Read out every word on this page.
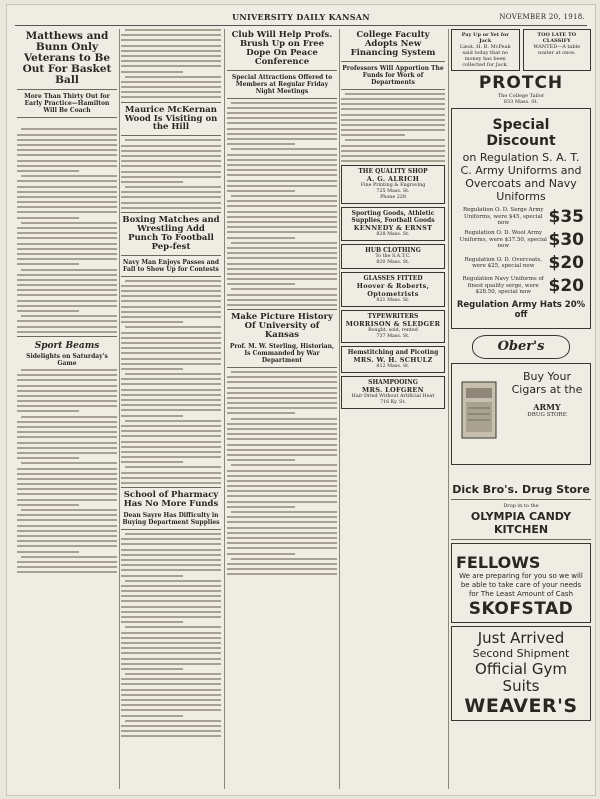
UNIVERSITY DAILY KANSAN	NOVEMBER 20, 1918.
Matthews and Bunn Only Veterans to Be Out For Basket Ball
More Than Thirty Out for Early Practice—Hamilton Will Be Coach

Sport Beams
Sidelights on Saturday's Game
Maurice McKernan Wood Is Visiting on the Hill
Boxing Matches and Wrestling Add Punch To Football Pep-fest
Navy Man Enjoys Passes and Fall to Show Up for Contests
School of Pharmacy Has No More Funds
Dean Sayre Has Difficulty in Buying Department Supplies
Club Will Help Profs. Brush Up on Free Dope On Peace Conference
Special Attractions Offered to Members at Regular Friday Night Meetings
Make Picture History Of University of Kansas
Prof. M. W. Sterling, Historian, Is Commanded by War Department
College Faculty Adopts New Financing System
Professors Will Apportion The Funds for Work of Departments
THE QUALITY SHOP
A. G. ALRICH
Fine Printing & Engraving
725 Mass. St.
Phone 228
Sporting Goods, Athletic Supplies, Football Goods
KENNEDY & ERNST
828 Mass. St.
HUB CLOTHING
To the S.A.T.C.
820 Mass. St.
GLASSES FITTED
Hoover & Roberts, Optometrists
821 Mass. St.
TYPEWRITERS
MORRISON & SLEDGER
Bought, sold, rented
737 Mass. St.
Hemstitching and Picoting
MRS. W. H. SCHULZ
812 Mass. St.
SHAMPOOING
MRS. LOFGREN
Hair Dried Without Artificial Heat
716 Ky. St.
Pay Up or Yet for Jack
Lieut. H. B. McPeak said today that no money has been collected for Jack.
TOO LATE TO CLASSIFY
WANTED—A table waiter at once.
PROTCH
The College Tailor
833 Mass. St.
Special Discount
on Regulation S. A. T. C. Army Uniforms and Overcoats and Navy Uniforms
Regulation O. D. Serge Army Uniforms, were $45, special now	$35
Regulation O. D. Wool Army Uniforms, were $37.50, special now	$30
Regulation O. D. Overcoats, were $25, special now $20
Regulation Navy Uniforms of finest quality serge, were $28.50, special now	$20
Regulation Army Hats 20% off
Ober's
Buy Your Cigars at the
ARMY
DRUG STORE
Dick Bro's. Drug Store
Drop in to the
OLYMPIA CANDY KITCHEN
FELLOWS
We are preparing for you so we will be able to take care of your needs for The Least Amount of Cash
SKOFSTAD
Just Arrived
Second Shipment
Official Gym Suits
WEAVER'S
